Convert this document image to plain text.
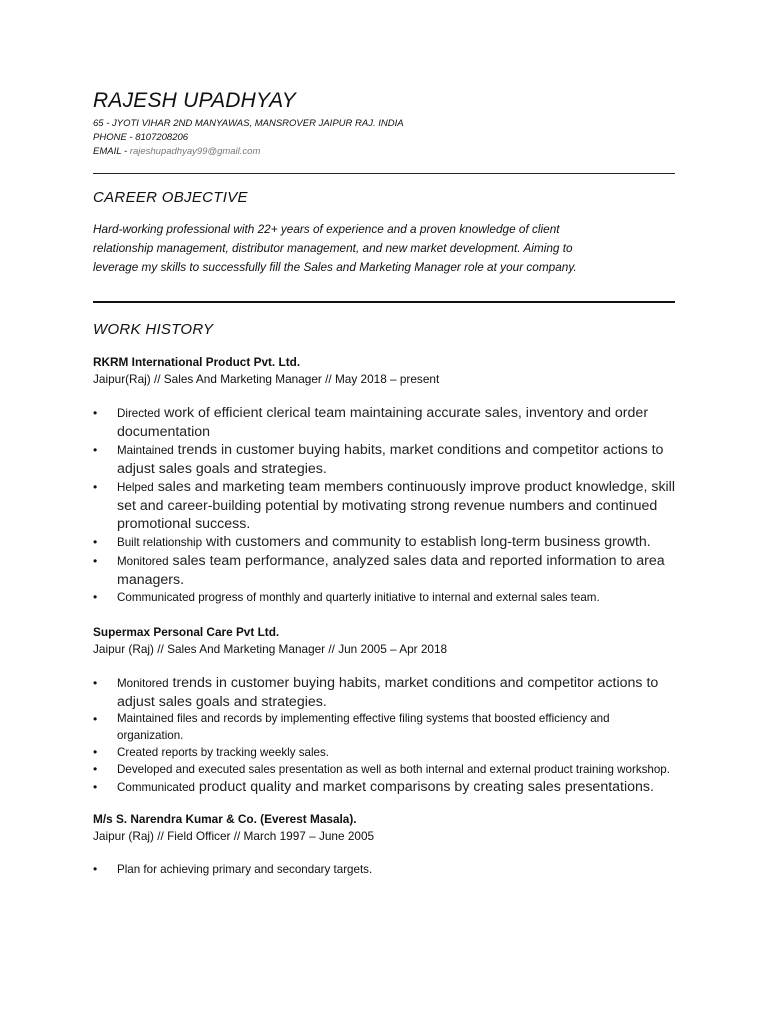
RAJESH UPADHYAY
65 - JYOTI VIHAR 2ND MANYAWAS, MANSROVER JAIPUR RAJ. INDIA
PHONE - 8107208206
EMAIL - rajeshupadhyay99@gmail.com
CAREER OBJECTIVE
Hard-working professional with 22+ years of experience and a proven knowledge of client
relationship management, distributor management, and new market development. Aiming to
leverage my skills to successfully fill the Sales and Marketing Manager role at your company.
WORK HISTORY
RKRM International Product Pvt. Ltd.
Jaipur(Raj) // Sales And Marketing Manager // May 2018 – present
• Directed work of efficient clerical team maintaining accurate sales, inventory and order documentation
• Maintained trends in customer buying habits, market conditions and competitor actions to adjust sales goals and strategies.
• Helped sales and marketing team members continuously improve product knowledge, skill set and career-building potential by motivating strong revenue numbers and continued promotional success.
• Built relationship with customers and community to establish long-term business growth.
• Monitored sales team performance, analyzed sales data and reported information to area managers.
• Communicated progress of monthly and quarterly initiative to internal and external sales team.
Supermax Personal Care Pvt Ltd.
Jaipur (Raj) // Sales And Marketing Manager // Jun 2005 – Apr 2018
• Monitored trends in customer buying habits, market conditions and competitor actions to adjust sales goals and strategies.
• Maintained files and records by implementing effective filing systems that boosted efficiency and organization.
• Created reports by tracking weekly sales.
• Developed and executed sales presentation as well as both internal and external product training workshop.
• Communicated product quality and market comparisons by creating sales presentations.
M/s S. Narendra Kumar & Co. (Everest Masala).
Jaipur (Raj) // Field Officer // March 1997 – June 2005
• Plan for achieving primary and secondary targets.
